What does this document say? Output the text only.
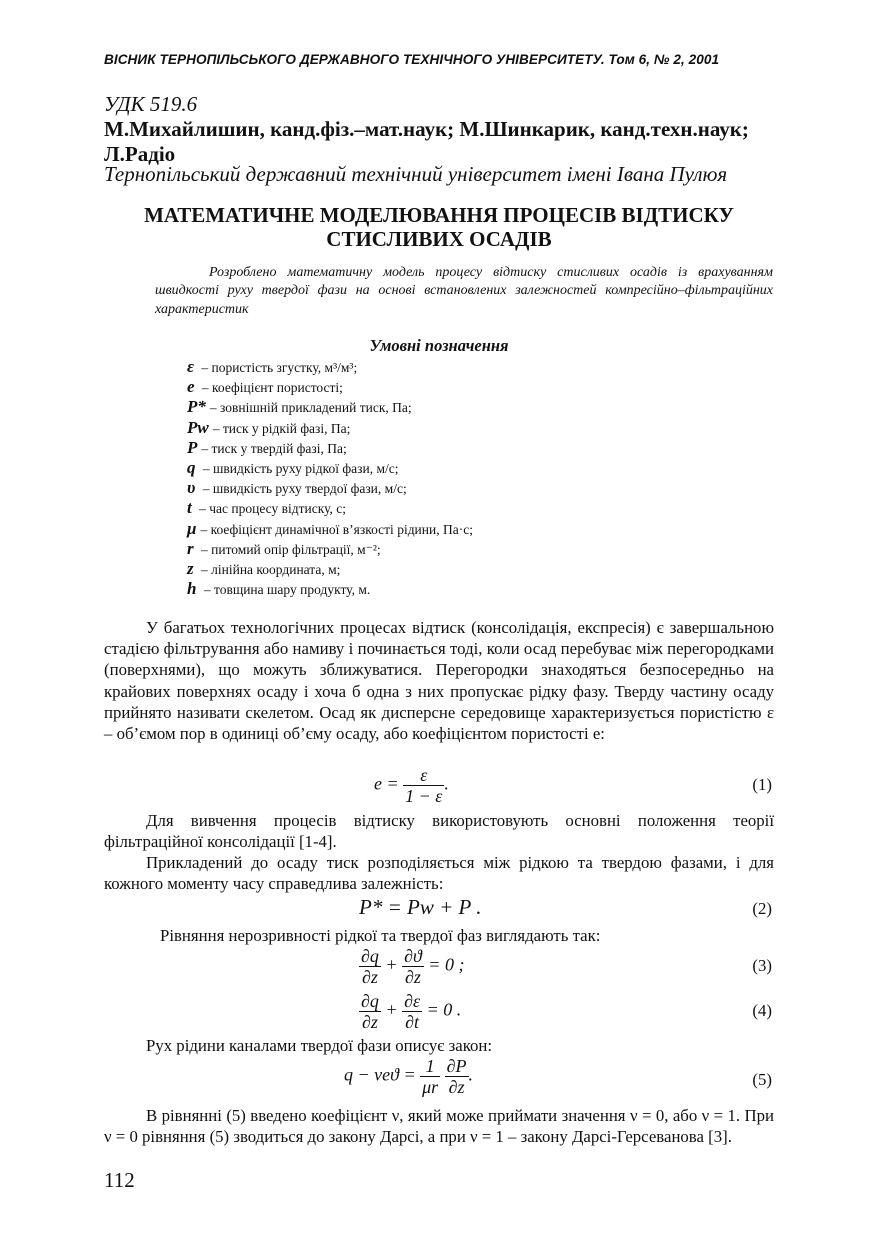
ВІСНИК ТЕРНОПІЛЬСЬКОГО ДЕРЖАВНОГО ТЕХНІЧНОГО УНІВЕРСИТЕТУ. Том 6, № 2, 2001
УДК 519.6
М.Михайлишин, канд.фіз.–мат.наук; М.Шинкарик, канд.техн.наук; Л.Радіо
Тернопільський державний технічний університет імені Івана Пулюя
МАТЕМАТИЧНЕ МОДЕЛЮВАННЯ ПРОЦЕСІВ ВІДТИСКУ СТИСЛИВИХ ОСАДІВ
Розроблено математичну модель процесу відтиску стисливих осадів із врахуванням швидкості руху твердої фази на основі встановлених залежностей компресійно–фільтраційних характеристик
Умовні позначення
ε – пористість згустку, м³/м³;
e – коефіцієнт пористості;
P* – зовнішній прикладений тиск, Па;
Pw – тиск у рідкій фазі, Па;
P – тиск у твердій фазі, Па;
q – швидкість руху рідкої фази, м/с;
υ – швидкість руху твердої фази, м/с;
t – час процесу відтиску, с;
μ – коефіцієнт динамічної в’язкості рідини, Па·с;
r – питомий опір фільтрації, м⁻²;
z – лінійна координата, м;
h – товщина шару продукту, м.
У багатьох технологічних процесах відтиск (консолідація, експресія) є завершальною стадією фільтрування або намиву і починається тоді, коли осад перебуває між перегородками (поверхнями), що можуть зближуватися. Перегородки знаходяться безпосередньо на крайових поверхнях осаду і хоча б одна з них пропускає рідку фазу. Тверду частину осаду прийнято називати скелетом. Осад як дисперсне середовище характеризується пористістю ε – об’ємом пор в одиниці об’єму осаду, або коефіцієнтом пористості e:
$e = \frac{\varepsilon}{1 - \varepsilon}$ .	(1)
Для вивчення процесів відтиску використовують основні положення теорії фільтраційної консолідації [1-4].
Прикладений до осаду тиск розподіляється між рідкою та твердою фазами, і для кожного моменту часу справедлива залежність:
P* = Pw + P .	(2)
Рівняння нерозривності рідкої та твердої фаз виглядають так:
$\frac{\partial q}{\partial z} + \frac{\partial ϑ}{\partial z} = 0$ ;	(3)
$\frac{\partial q}{\partial z} + \frac{\partial\varepsilon}{\partial t} = 0$ .	(4)
Рух рідини каналами твердої фази описує закон:
$q - \nu eϑ = \frac{1}{\mu r}$
$\frac{\partial P}{\partial z}$ .	(5)
В рівнянні (5) введено коефіцієнт ν, який може приймати значення ν = 0, або ν = 1. При ν = 0 рівняння (5) зводиться до закону Дарсі, а при ν = 1 – закону Дарсі-Герсеванова [3].
112
